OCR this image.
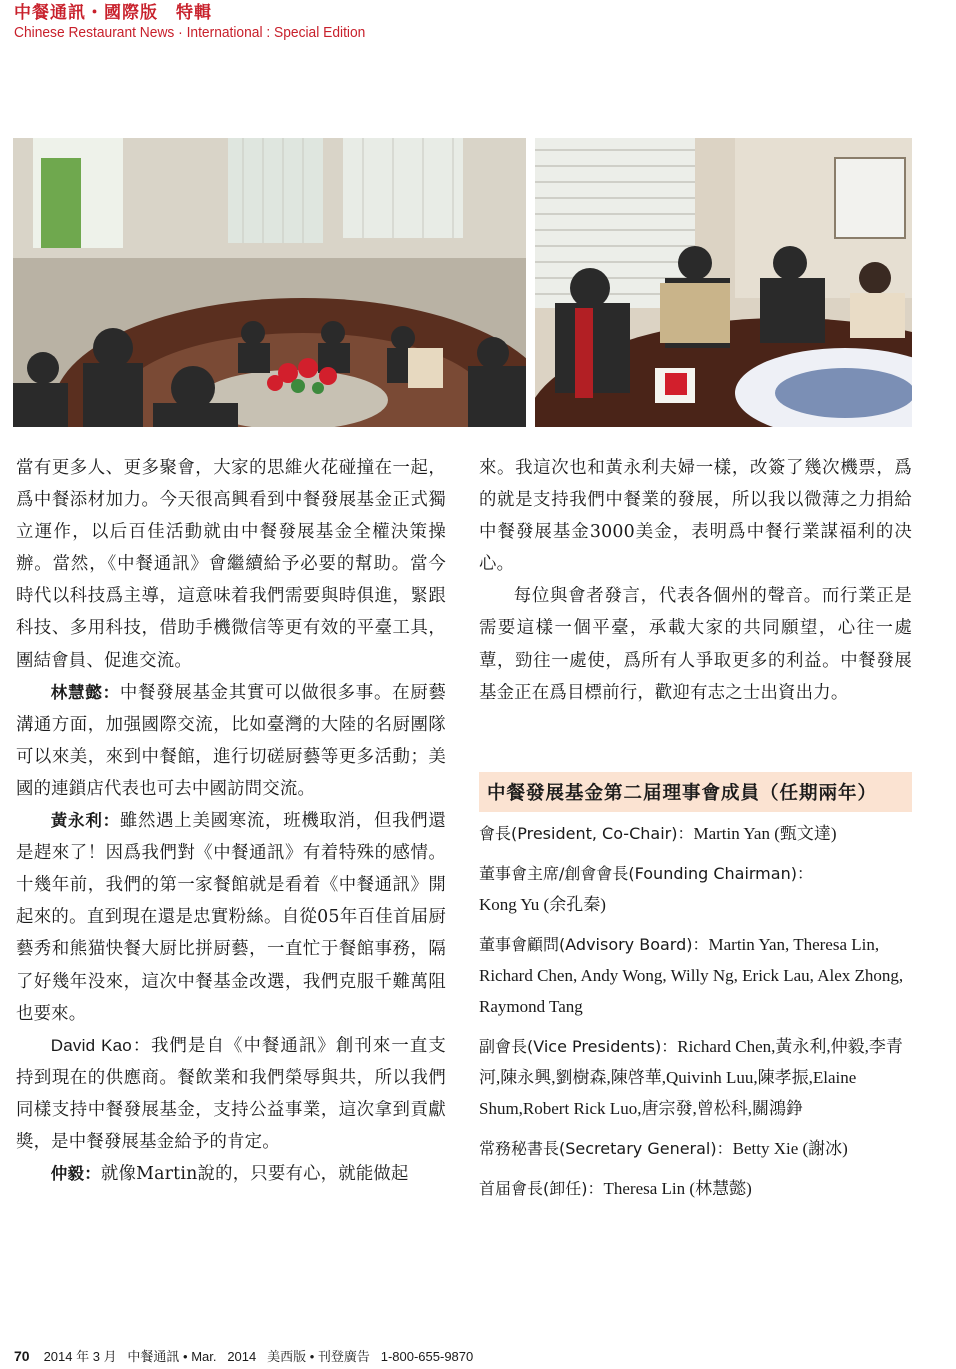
中餐通訊・國際版　特輯
Chinese Restaurant News · International : Special Edition

當有更多人、更多聚會，大家的思維火花碰撞在一起，爲中餐添材加力。今天很高興看到中餐發展基金正式獨立運作，以后百佳活動就由中餐發展基金全權決策操辦。當然，《中餐通訊》會繼續給予必要的幫助。當今時代以科技爲主導，這意味着我們需要與時俱進，緊跟科技、多用科技，借助手機微信等更有效的平臺工具，團結會員、促進交流。

林慧懿：中餐發展基金其實可以做很多事。在厨藝溝通方面，加强國際交流，比如臺灣的大陸的名厨團隊可以來美，來到中餐館，進行切磋厨藝等更多活動；美國的連鎖店代表也可去中國訪問交流。

黃永利：雖然遇上美國寒流，班機取消，但我們還是趕來了！因爲我們對《中餐通訊》有着特殊的感情。十幾年前，我們的第一家餐館就是看着《中餐通訊》開起來的。直到現在還是忠實粉絲。自從05年百佳首届厨藝秀和熊猫快餐大厨比拼厨藝，一直忙于餐館事務，隔了好幾年没來，這次中餐基金改選，我們克服千難萬阻也要來。

David Kao：我們是自《中餐通訊》創刊來一直支持到現在的供應商。餐飲業和我們榮辱與共，所以我們同樣支持中餐發展基金，支持公益事業，這次拿到貢獻獎，是中餐發展基金給予的肯定。

仲毅：就像Martin說的，只要有心，就能做起

來。我這次也和黃永利夫婦一樣，改簽了幾次機票，爲的就是支持我們中餐業的發展，所以我以微薄之力捐給中餐發展基金3000美金，表明爲中餐行業謀福利的决心。

每位與會者發言，代表各個州的聲音。而行業正是需要這樣一個平臺，承載大家的共同願望，心往一處蕈，勁往一處使，爲所有人爭取更多的利益。中餐發展基金正在爲目標前行，歡迎有志之士出資出力。

中餐發展基金第二届理事會成員（任期兩年）
會長(President, Co-Chair)：Martin Yan (甄文達)
董事會主席/創會會長(Founding Chairman)：
Kong Yu (余孔秦)
董事會顧問(Advisory Board)：Martin Yan, Theresa Lin, Richard Chen, Andy Wong, Willy Ng, Erick Lau, Alex Zhong, Raymond Tang
副會長(Vice Presidents)：Richard Chen,黃永利,仲毅,李青河,陳永興,劉樹森,陳啓華,Quivinh Luu,陳孝振,Elaine Shum,Robert Rick Luo,唐宗發,曾松科,關鴻錚
常務秘書長(Secretary General)：Betty Xie (謝冰)
首届會長(卸任)：Theresa Lin (林慧懿)
70 2014 年 3 月
中餐通訊 • Mar.
2014
美西版 • 刊登廣告
1-800-655-9870
